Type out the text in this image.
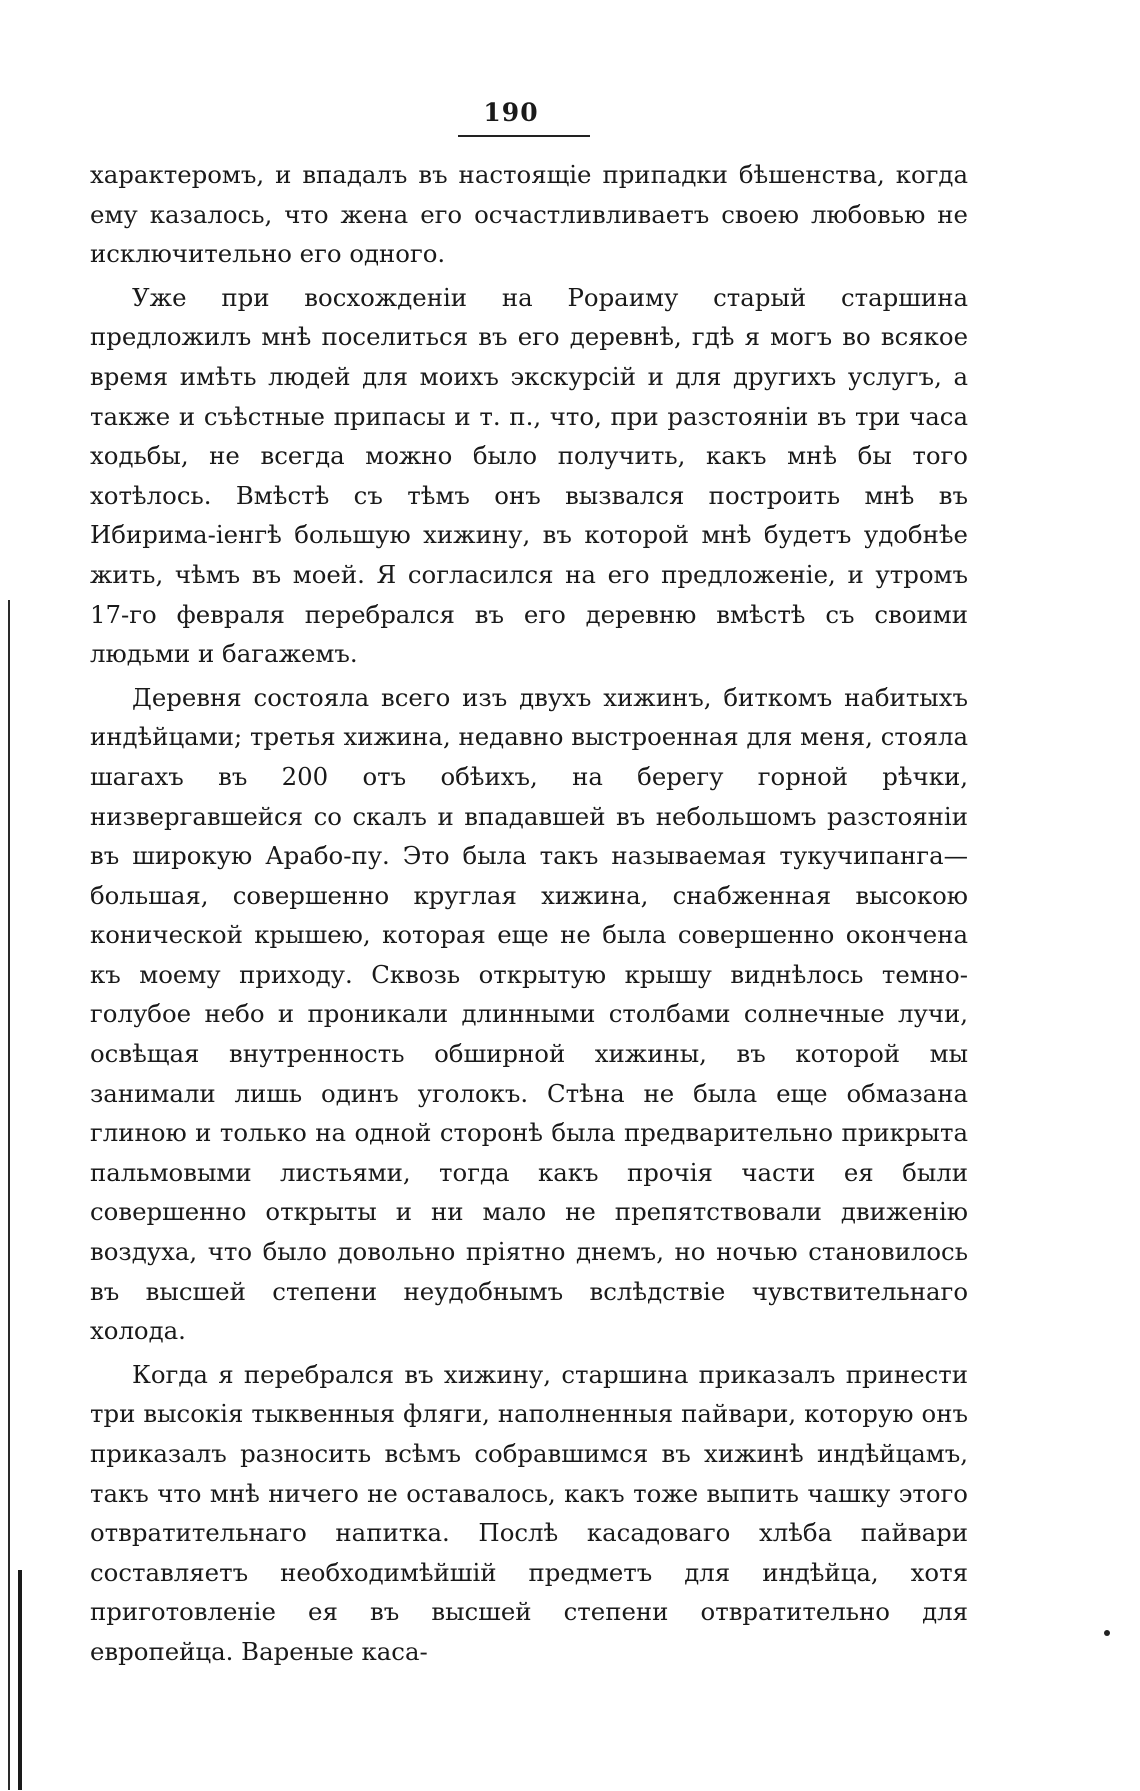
190

характеромъ, и впадалъ въ настоящіе припадки бѣшенства, когда ему казалось, что жена его осчастливливаетъ своею любовью не исключительно его одного.

Уже при восхожденіи на Рораиму старый старшина предложилъ мнѣ поселиться въ его деревнѣ, гдѣ я могъ во всякое время имѣть людей для моихъ экскурсій и для другихъ услугъ, а также и съѣстные припасы и т. п., что, при разстояніи въ три часа ходьбы, не всегда можно было получить, какъ мнѣ бы того хотѣлось. Вмѣстѣ съ тѣмъ онъ вызвался построить мнѣ въ Ибирима-іенгѣ большую хижину, въ которой мнѣ будетъ удобнѣе жить, чѣмъ въ моей. Я согласился на его предложеніе, и утромъ 17-го февраля перебрался въ его деревню вмѣстѣ съ своими людьми и багажемъ.

Деревня состояла всего изъ двухъ хижинъ, биткомъ набитыхъ индѣйцами; третья хижина, недавно выстроенная для меня, стояла шагахъ въ 200 отъ обѣихъ, на берегу горной рѣчки, низвергавшейся со скалъ и впадавшей въ небольшомъ разстояніи въ широкую Арабо-пу. Это была такъ называемая тукучипанга—большая, совершенно круглая хижина, снабженная высокою конической крышею, которая еще не была совершенно окончена къ моему приходу. Сквозь открытую крышу виднѣлось темно-голубое небо и проникали длинными столбами солнечные лучи, освѣщая внутренность обширной хижины, въ которой мы занимали лишь одинъ уголокъ. Стѣна не была еще обмазана глиною и только на одной сторонѣ была предварительно прикрыта пальмовыми листьями, тогда какъ прочія части ея были совершенно открыты и ни мало не препятствовали движенію воздуха, что было довольно пріятно днемъ, но ночью становилось въ высшей степени неудобнымъ вслѣдствіе чувствительнаго холода.

Когда я перебрался въ хижину, старшина приказалъ принести три высокія тыквенныя фляги, наполненныя пайвари, которую онъ приказалъ разносить всѣмъ собравшимся въ хижинѣ индѣйцамъ, такъ что мнѣ ничего не оставалось, какъ тоже выпить чашку этого отвратительнаго напитка. Послѣ касадоваго хлѣба пайвари составляетъ необходимѣйшій предметъ для индѣйца, хотя приготовленіе ея въ высшей степени отвратительно для европейца. Вареные каса-
